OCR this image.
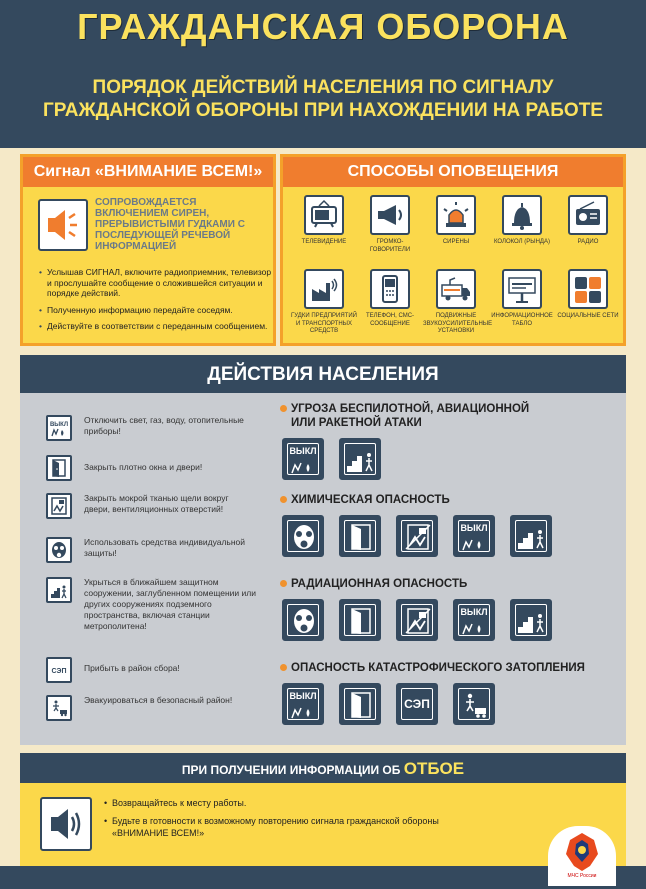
ГРАЖДАНСКАЯ ОБОРОНА
ПОРЯДОК ДЕЙСТВИЙ НАСЕЛЕНИЯ ПО СИГНАЛУ
ГРАЖДАНСКОЙ ОБОРОНЫ ПРИ НАХОЖДЕНИИ НА РАБОТЕ
Сигнал «ВНИМАНИЕ ВСЕМ!»
СОПРОВОЖДАЕТСЯ ВКЛЮЧЕНИЕМ СИРЕН, ПРЕРЫВИСТЫМИ ГУДКАМИ С ПОСЛЕДУЮЩЕЙ РЕЧЕВОЙ ИНФОРМАЦИЕЙ
• Услышав СИГНАЛ, включите радиоприемник, телевизор и прослушайте сообщение о сложившейся ситуации и порядке действий.
• Полученную информацию передайте соседям.
• Действуйте в соответствии с переданным сообщением.
СПОСОБЫ ОПОВЕЩЕНИЯ
ТЕЛЕВИДЕНИЕ	ГРОМКО-ГОВОРИТЕЛИ
СИРЕНЫ	КОЛОКОЛ (РЫНДА)	РАДИО
ГУДКИ ПРЕДПРИЯТИЙ И ТРАНСПОРТНЫХ СРЕДСТВ
ТЕЛЕФОН, СМС-СООБЩЕНИЕ
ПОДВИЖНЫЕ ЗВУКОУСИЛИТЕЛЬНЫЕ УСТАНОВКИ
ИНФОРМАЦИОННОЕ ТАБЛО
СОЦИАЛЬНЫЕ СЕТИ
ДЕЙСТВИЯ НАСЕЛЕНИЯ
ВЫКЛ Отключить свет, газ, воду, отопительные приборы!
Закрыть плотно окна и двери!
Закрыть мокрой тканью щели вокруг двери, вентиляционных отверстий!
Использовать средства индивидуальной защиты!
Укрыться в ближайшем защитном сооружении, заглубленном помещении или других сооружениях подземного пространства, включая станции метрополитена!
СЭП Прибыть в район сбора!
Эвакуироваться в безопасный район!
УГРОЗА БЕСПИЛОТНОЙ, АВИАЦИОННОЙ
ИЛИ РАКЕТНОЙ АТАКИ
ВЫКЛ
ХИМИЧЕСКАЯ ОПАСНОСТЬ
ВЫКЛ
РАДИАЦИОННАЯ ОПАСНОСТЬ
ВЫКЛ
ОПАСНОСТЬ КАТАСТРОФИЧЕСКОГО ЗАТОПЛЕНИЯ
ВЫКЛ
СЭП
ПРИ ПОЛУЧЕНИИ ИНФОРМАЦИИ ОБ ОТБОЕ
• Возвращайтесь к месту работы.
• Будьте в готовности к возможному повторению сигнала гражданской обороны «ВНИМАНИЕ ВСЕМ!»
МЧС России
